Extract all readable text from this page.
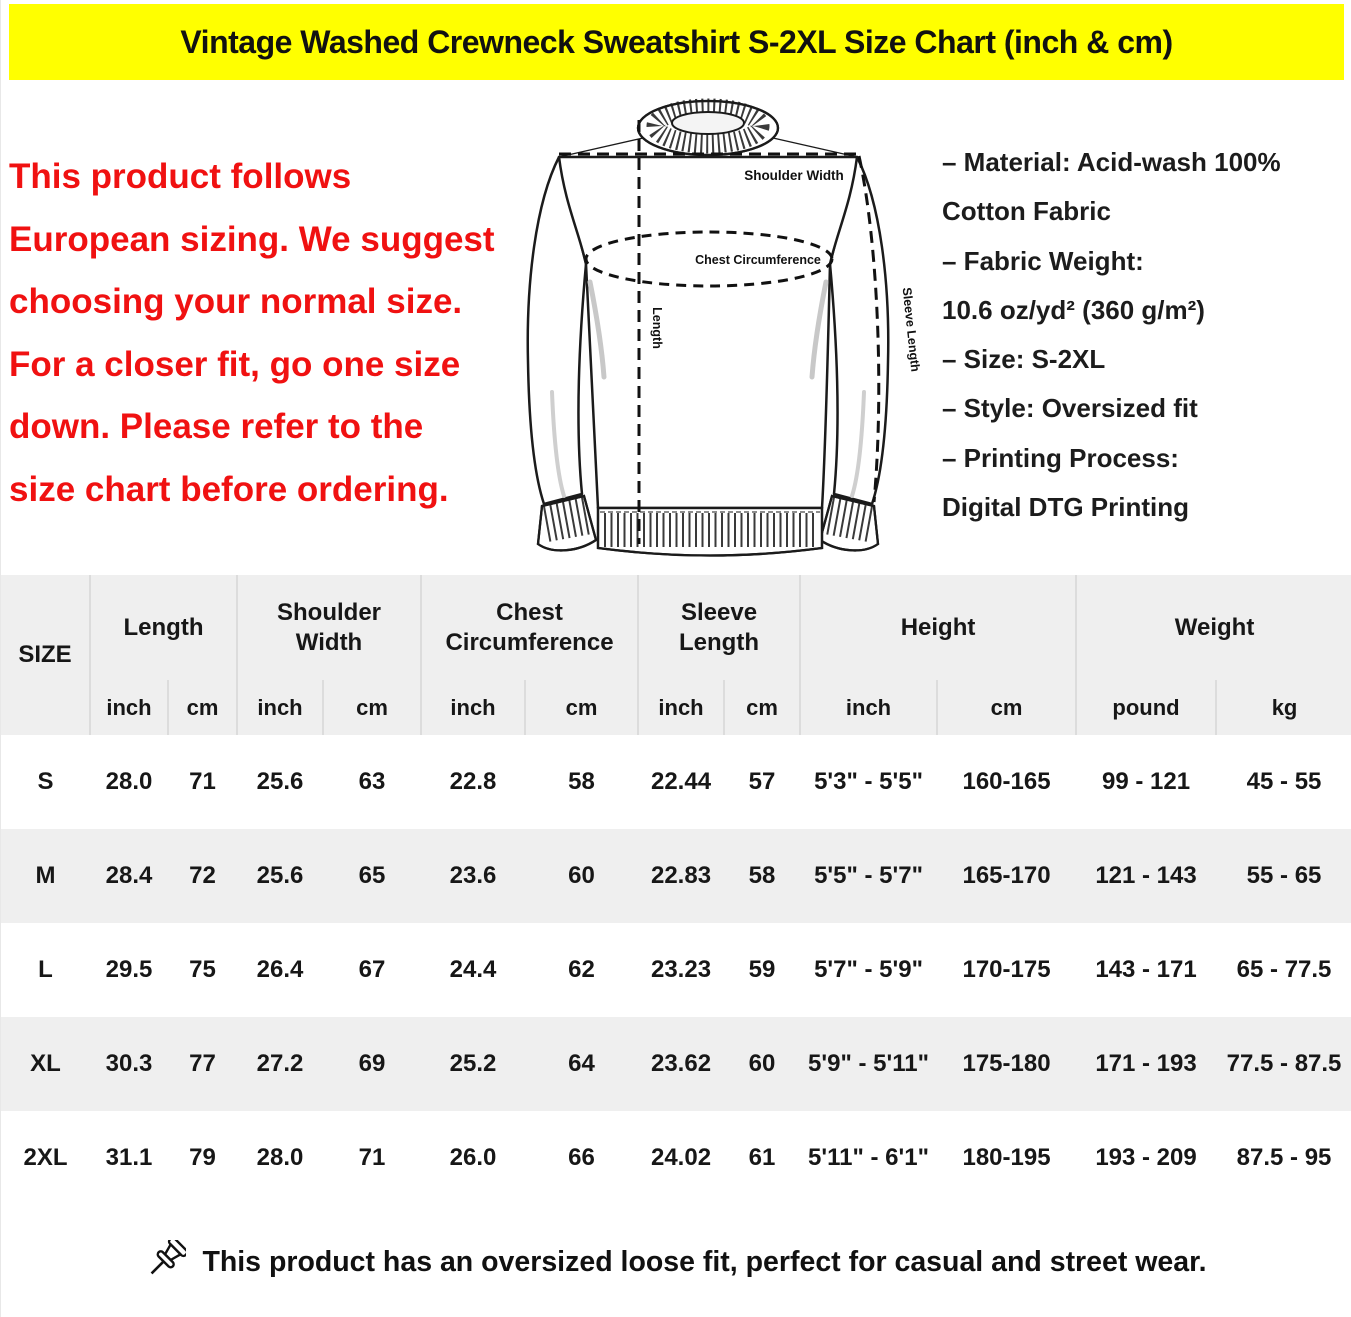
Vintage Washed Crewneck Sweatshirt S-2XL Size Chart (inch & cm)
This product follows
European sizing. We suggest
choosing your normal size.
For a closer fit, go one size
down. Please refer to the
size chart before ordering.
Shoulder Width
Chest Circumference
Length	Sleeve Length
– Material: Acid-wash 100%
Cotton Fabric
– Fabric Weight:
10.6 oz/yd² (360 g/m²)
– Size: S-2XL
– Style: Oversized fit
– Printing Process:
Digital DTG Printing
SIZE	Length		Shoulder Width		Chest Circumference		Sleeve Length		Height		Weight	
	inch	cm	inch	cm	inch	cm	inch	cm	inch	cm	pound	kg
S	28.0	71	25.6	63	22.8	58	22.44	57	5'3" - 5'5"	160-165	99 - 121	45 - 55
M	28.4	72	25.6	65	23.6	60	22.83	58	5'5" - 5'7"	165-170	121 - 143	55 - 65
L	29.5	75	26.4	67	24.4	62	23.23	59	5'7" - 5'9"	170-175	143 - 171	65 - 77.5
XL	30.3	77	27.2	69	25.2	64	23.62	60	5'9" - 5'11"	175-180	171 - 193	77.5 - 87.5
2XL	31.1	79	28.0	71	26.0	66	24.02	61	5'11" - 6'1"	180-195	193 - 209	87.5 - 95
This product has an oversized loose fit, perfect for casual and street wear.
